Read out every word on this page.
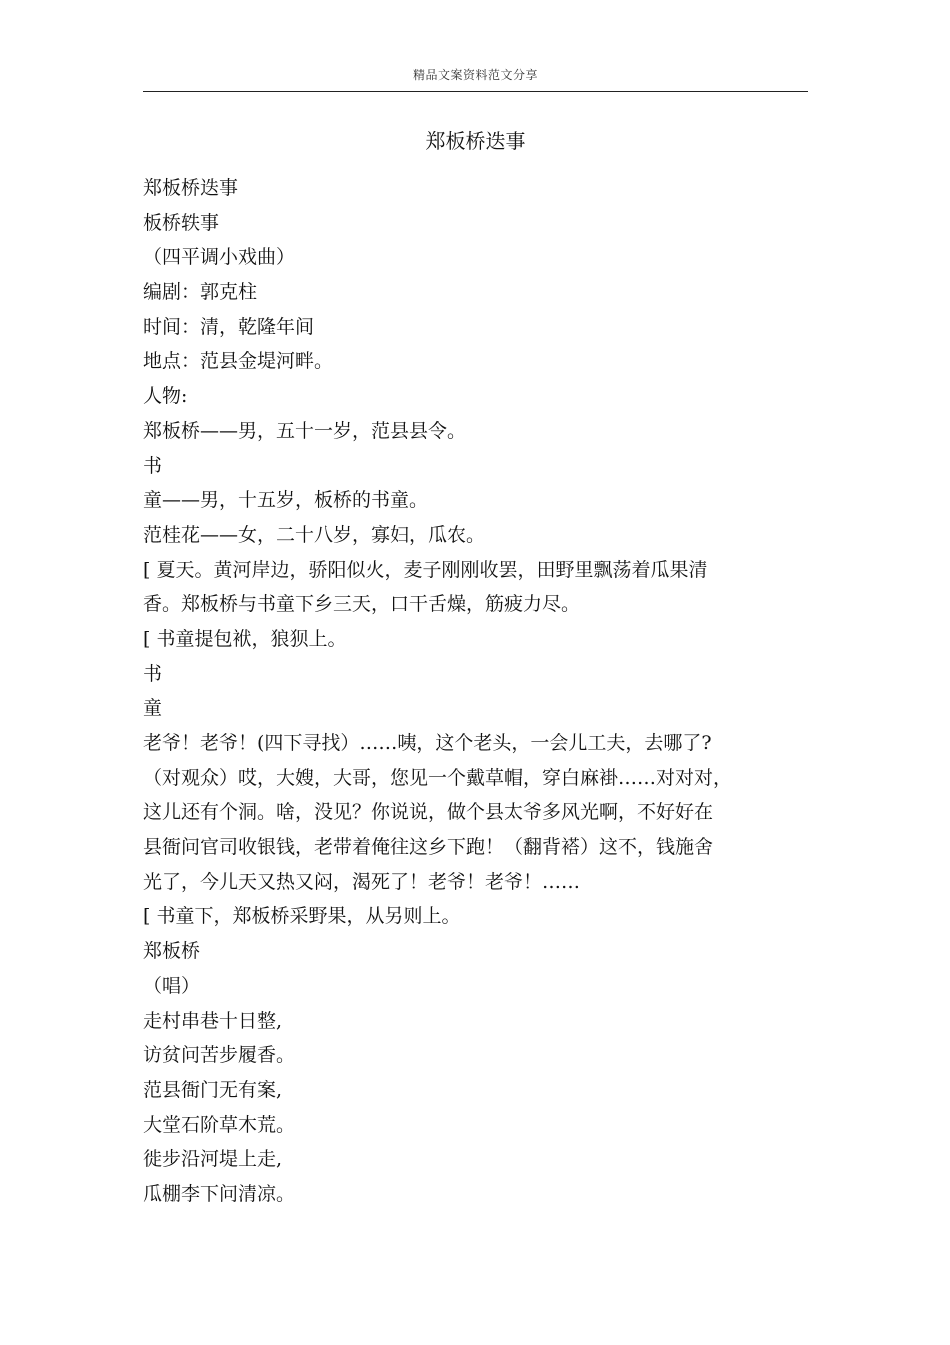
精品文案资料范文分享
郑板桥迭事
郑板桥迭事
板桥轶事
（四平调小戏曲）
编剧：郭克柱
时间：清，乾隆年间
地点：范县金堤河畔。
人物:
郑板桥——男，五十一岁，范县县令。
书
童——男，十五岁，板桥的书童。
范桂花——女，二十八岁，寡妇，瓜农。
[ 夏天。黄河岸边，骄阳似火，麦子刚刚收罢，田野里飘荡着瓜果清
香。郑板桥与书童下乡三天，口干舌燥，筋疲力尽。
[ 书童提包袱，狼狈上。
书
童
老爷！老爷！(四下寻找）……咦，这个老头，一会儿工夫，去哪了?
（对观众）哎，大嫂，大哥，您见一个戴草帽，穿白麻褂……对对对，
这儿还有个洞。啥，没见？你说说，做个县太爷多风光啊，不好好在
县衙问官司收银钱，老带着俺往这乡下跑！（翻背褡）这不，钱施舍
光了，今儿天又热又闷，渴死了！老爷！老爷！……
[ 书童下，郑板桥采野果，从另则上。
郑板桥
（唱）
走村串巷十日整,
访贫问苦步履香。
范县衙门无有案,
大堂石阶草木荒。
徙步沿河堤上走,
瓜棚李下问清凉。
